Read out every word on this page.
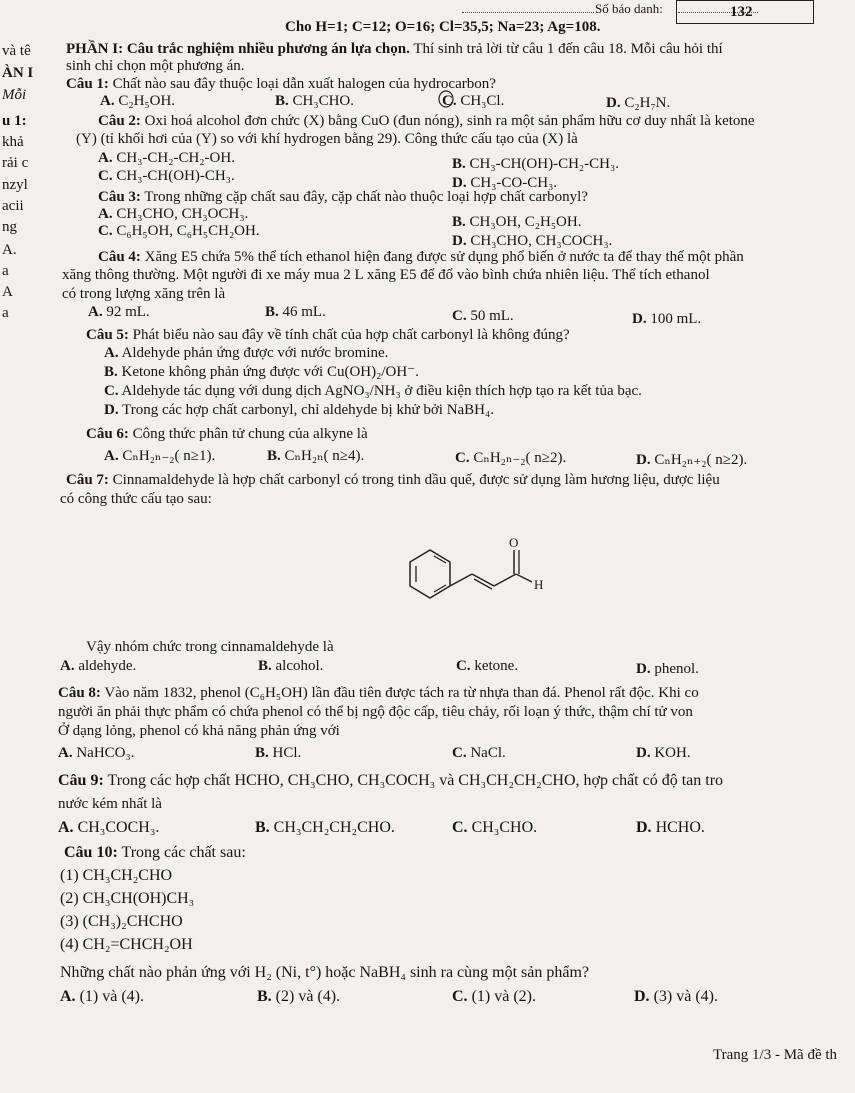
Số báo danh:	132
Cho H=1; C=12; O=16; Cl=35,5; Na=23; Ag=108.
và tê
ÀN I
Mỗi
u 1:
khả
rải c
nzyl
acii
ng
A.
a
A
a
PHẦN I: Câu trắc nghiệm nhiều phương án lựa chọn. Thí sinh trả lời từ câu 1 đến câu 18. Mỗi câu hỏi thí
sinh chỉ chọn một phương án.
Câu 1: Chất nào sau đây thuộc loại dẫn xuất halogen của hydrocarbon?
A. C₂H₅OH.	B. CH₃CHO.	C. CH₃Cl.	D. C₂H₇N.
Câu 2: Oxi hoá alcohol đơn chức (X) bằng CuO (đun nóng), sinh ra một sản phẩm hữu cơ duy nhất là ketone
(Y) (tỉ khối hơi của (Y) so với khí hydrogen bằng 29). Công thức cấu tạo của (X) là
A. CH₃-CH₂-CH₂-OH.	B. CH₃-CH(OH)-CH₂-CH₃.
C. CH₃-CH(OH)-CH₃.	D. CH₃-CO-CH₃.
Câu 3: Trong những cặp chất sau đây, cặp chất nào thuộc loại hợp chất carbonyl?
A. CH₃CHO, CH₃OCH₃.	B. CH₃OH, C₂H₅OH.
C. C₆H₅OH, C₆H₅CH₂OH.
D. CH₃CHO, CH₃COCH₃.
Câu 4: Xăng E5 chứa 5% thể tích ethanol hiện đang được sử dụng phổ biến ở nước ta để thay thế một phần
xăng thông thường. Một người đi xe máy mua 2 L xăng E5 để đổ vào bình chứa nhiên liệu. Thể tích ethanol
có trong lượng xăng trên là
A. 92 mL.	B. 46 mL.	C. 50 mL.	D. 100 mL.
Câu 5: Phát biểu nào sau đây về tính chất của hợp chất carbonyl là không đúng?
A. Aldehyde phản ứng được với nước bromine.
B. Ketone không phản ứng được với Cu(OH)₂/OH⁻.
C. Aldehyde tác dụng với dung dịch AgNO₃/NH₃ ở điều kiện thích hợp tạo ra kết tủa bạc.
D. Trong các hợp chất carbonyl, chỉ aldehyde bị khử bởi NaBH₄.
Câu 6: Công thức phân tử chung của alkyne là
A. CₙH₂ₙ₋₂( n≥1).	B. CₙH₂ₙ( n≥4).	C. CₙH₂ₙ₋₂( n≥2).	D. CₙH₂ₙ₊₂( n≥2).
Câu 7: Cinnamaldehyde là hợp chất carbonyl có trong tinh dầu quế, được sử dụng làm hương liệu, dược liệu
có công thức cấu tạo sau:
O
H
Vậy nhóm chức trong cinnamaldehyde là
A. aldehyde.	B. alcohol.	C. ketone.	D. phenol.
Câu 8: Vào năm 1832, phenol (C₆H₅OH) lần đầu tiên được tách ra từ nhựa than đá. Phenol rất độc. Khi co
người ăn phải thực phẩm có chứa phenol có thể bị ngộ độc cấp, tiêu chảy, rối loạn ý thức, thậm chí tử von
Ở dạng lỏng, phenol có khả năng phản ứng với
A. NaHCO₃.	B. HCl.	C. NaCl.	D. KOH.
Câu 9: Trong các hợp chất HCHO, CH₃CHO, CH₃COCH₃ và CH₃CH₂CH₂CHO, hợp chất có độ tan tro
nước kém nhất là
A. CH₃COCH₃.	B. CH₃CH₂CH₂CHO.	C. CH₃CHO.	D. HCHO.
Câu 10: Trong các chất sau:
(1) CH₃CH₂CHO
(2) CH₃CH(OH)CH₃
(3) (CH₃)₂CHCHO
(4) CH₂=CHCH₂OH
Những chất nào phản ứng với H₂ (Ni, t°) hoặc NaBH₄ sinh ra cùng một sản phẩm?
A. (1) và (4).	B. (2) và (4).	C. (1) và (2).	D. (3) và (4).
Trang 1/3 - Mã đề th
